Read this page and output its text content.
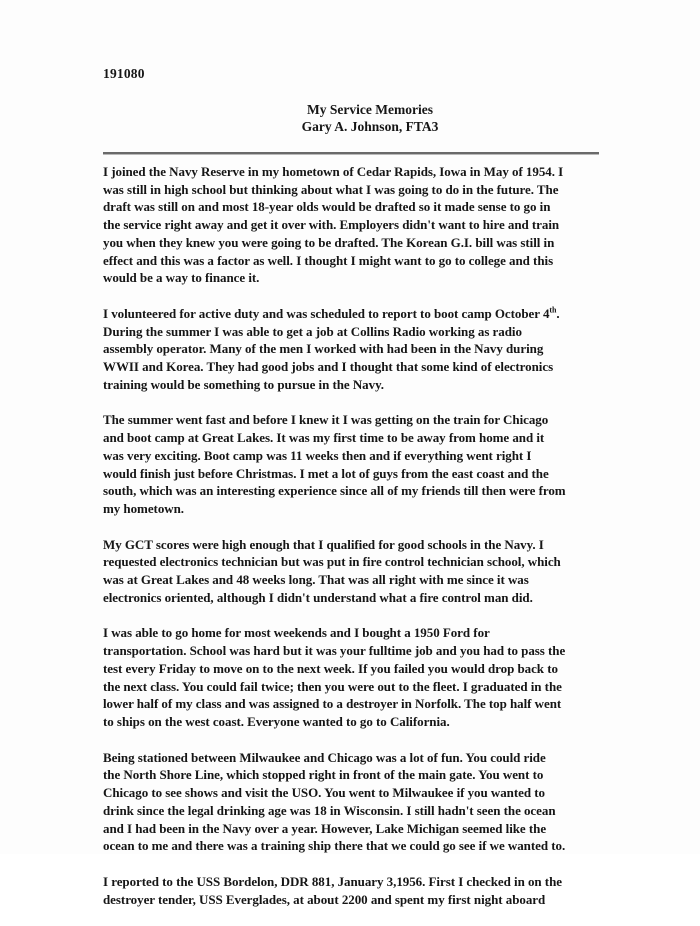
191080
My Service Memories
Gary A. Johnson, FTA3
I joined the Navy Reserve in my hometown of Cedar Rapids, Iowa in May of 1954. I
was still in high school but thinking about what I was going to do in the future. The
draft was still on and most 18-year olds would be drafted so it made sense to go in
the service right away and get it over with. Employers didn't want to hire and train
you when they knew you were going to be drafted. The Korean G.I. bill was still in
effect and this was a factor as well. I thought I might want to go to college and this
would be a way to finance it.
I volunteered for active duty and was scheduled to report to boot camp October 4th.
During the summer I was able to get a job at Collins Radio working as radio
assembly operator. Many of the men I worked with had been in the Navy during
WWII and Korea. They had good jobs and I thought that some kind of electronics
training would be something to pursue in the Navy.
The summer went fast and before I knew it I was getting on the train for Chicago
and boot camp at Great Lakes. It was my first time to be away from home and it
was very exciting. Boot camp was 11 weeks then and if everything went right I
would finish just before Christmas. I met a lot of guys from the east coast and the
south, which was an interesting experience since all of my friends till then were from
my hometown.
My GCT scores were high enough that I qualified for good schools in the Navy. I
requested electronics technician but was put in fire control technician school, which
was at Great Lakes and 48 weeks long. That was all right with me since it was
electronics oriented, although I didn't understand what a fire control man did.
I was able to go home for most weekends and I bought a 1950 Ford for
transportation. School was hard but it was your fulltime job and you had to pass the
test every Friday to move on to the next week. If you failed you would drop back to
the next class. You could fail twice; then you were out to the fleet. I graduated in the
lower half of my class and was assigned to a destroyer in Norfolk. The top half went
to ships on the west coast. Everyone wanted to go to California.
Being stationed between Milwaukee and Chicago was a lot of fun. You could ride
the North Shore Line, which stopped right in front of the main gate. You went to
Chicago to see shows and visit the USO. You went to Milwaukee if you wanted to
drink since the legal drinking age was 18 in Wisconsin. I still hadn't seen the ocean
and I had been in the Navy over a year. However, Lake Michigan seemed like the
ocean to me and there was a training ship there that we could go see if we wanted to.
I reported to the USS Bordelon, DDR 881, January 3,1956. First I checked in on the
destroyer tender, USS Everglades, at about 2200 and spent my first night aboard
